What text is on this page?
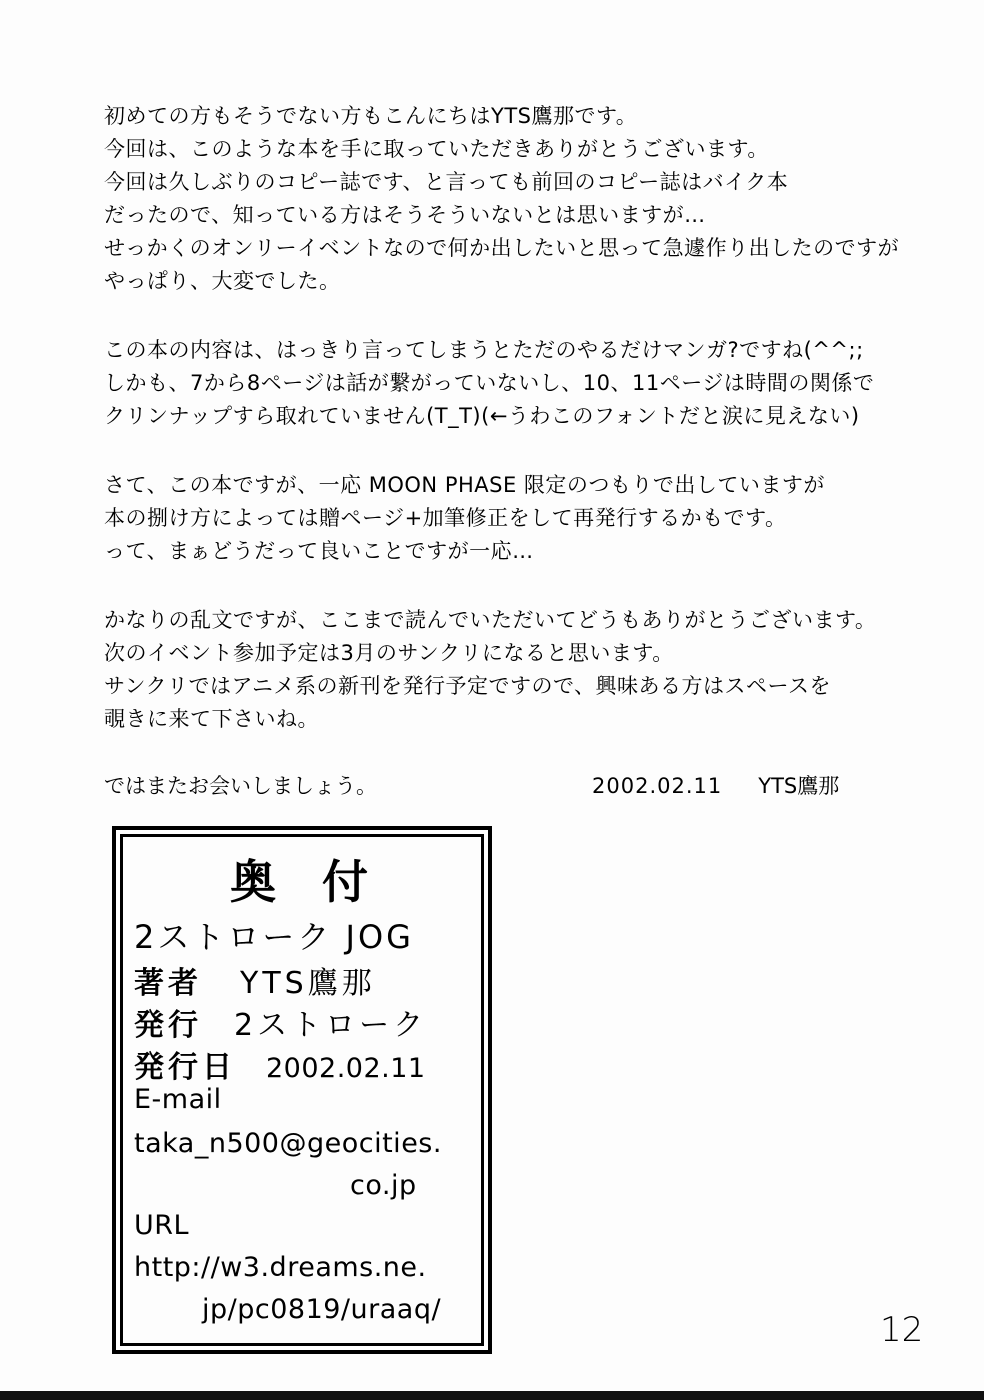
初めての方もそうでない方もこんにちはYTS鷹那です。
今回は、このような本を手に取っていただきありがとうございます。
今回は久しぶりのコピー誌です、と言っても前回のコピー誌はバイク本
だったので、知っている方はそうそういないとは思いますが…
せっかくのオンリーイベントなので何か出したいと思って急遽作り出したのですが
やっぱり、大変でした。
この本の内容は、はっきり言ってしまうとただのやるだけマンガ?ですね(^^;;
しかも、7から8ページは話が繋がっていないし、10、11ページは時間の関係で
クリンナップすら取れていません(T_T)(←うわこのフォントだと涙に見えない)
さて、この本ですが、一応 MOON PHASE 限定のつもりで出していますが
本の捌け方によっては贈ページ+加筆修正をして再発行するかもです。
って、まぁどうだって良いことですが一応…
かなりの乱文ですが、ここまで読んでいただいてどうもありがとうございます。
次のイベント参加予定は3月のサンクリになると思います。
サンクリではアニメ系の新刊を発行予定ですので、興味ある方はスペースを
覗きに来て下さいね。
ではまたお会いしましょう。	2002.02.11 YTS鷹那
奥付
2ストローク JOG
著者 YTS鷹那
発行 2ストローク
発行日 2002.02.11
E-mail
taka_n500@geocities.
co.jp
URL
http://w3.dreams.ne.
jp/pc0819/uraaq/
12
